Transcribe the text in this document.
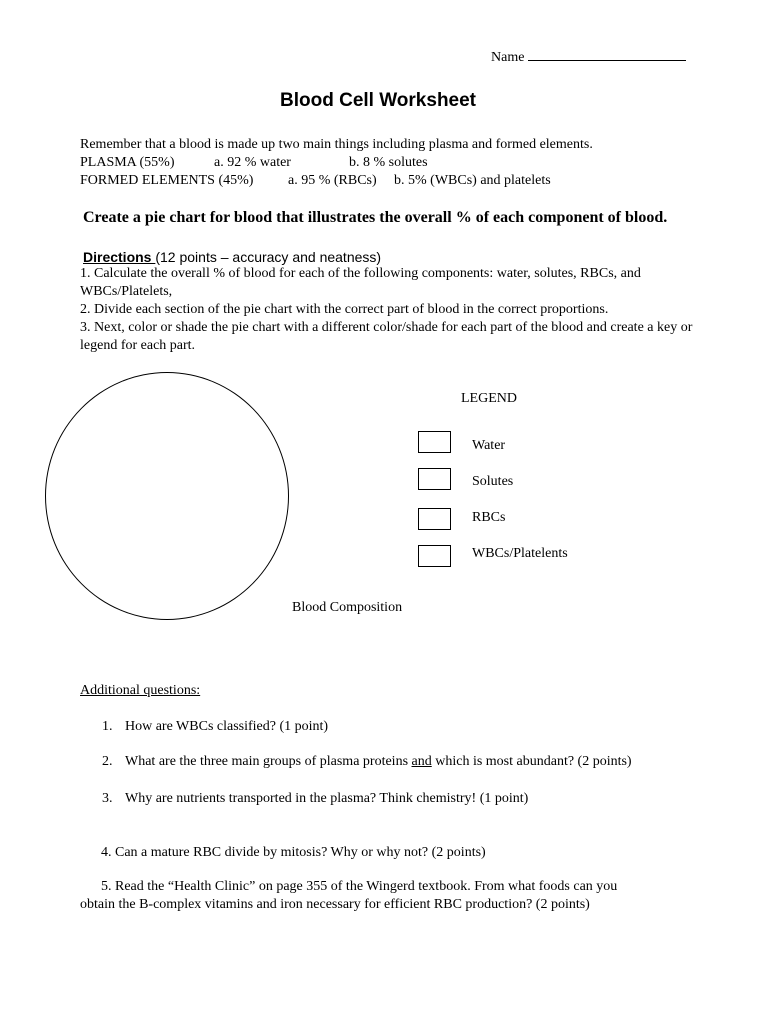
Name
Blood Cell Worksheet
Remember that a blood is made up two main things including plasma and formed elements.
PLASMA (55%)	a. 92 % water	b. 8 % solutes
FORMED ELEMENTS (45%) a. 95 % (RBCs) b. 5% (WBCs) and platelets
Create a pie chart for blood that illustrates the overall % of each component of blood.
Directions (12 points – accuracy and neatness)
1. Calculate the overall % of blood for each of the following components: water, solutes, RBCs, and WBCs/Platelets,
2. Divide each section of the pie chart with the correct part of blood in the correct proportions.
3. Next, color or shade the pie chart with a different color/shade for each part of the blood and create a key or legend for each part.
Blood Composition
LEGEND
Water
Solutes
RBCs
WBCs/Platelents
Additional questions:
1. How are WBCs classified? (1 point)
2. What are the three main groups of plasma proteins and which is most abundant? (2 points)
3. Why are nutrients transported in the plasma? Think chemistry! (1 point)
4. Can a mature RBC divide by mitosis? Why or why not? (2 points)
5. Read the “Health Clinic” on page 355 of the Wingerd textbook. From what foods can you
obtain the B-complex vitamins and iron necessary for efficient RBC production? (2 points)
